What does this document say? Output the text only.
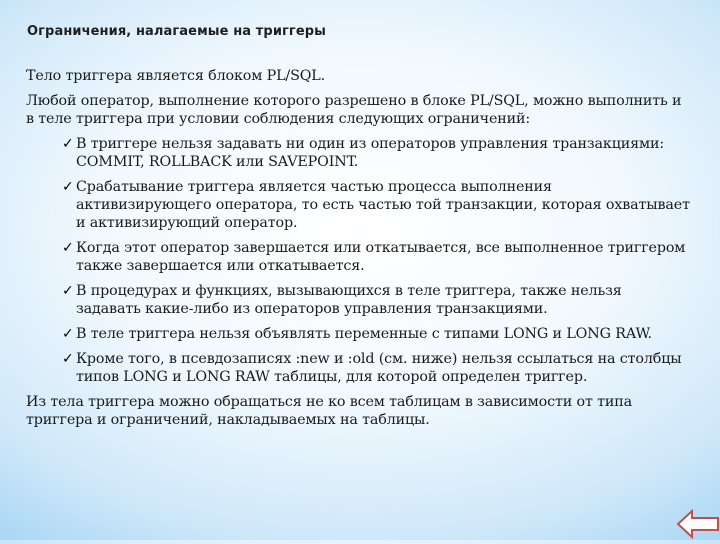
Ограничения, налагаемые на триггеры

Тело триггера является блоком PL/SQL.

Любой оператор, выполнение которого разрешено в блоке PL/SQL, можно выполнить и в теле триггера при условии соблюдения следующих ограничений:

✓ В триггере нельзя задавать ни один из операторов управления транзакциями: COMMIT, ROLLBACK или SAVEPOINT.
✓ Срабатывание триггера является частью процесса выполнения активизирующего оператора, то есть частью той транзакции, которая охватывает и активизирующий оператор.
✓ Когда этот оператор завершается или откатывается, все выполненное триггером также завершается или откатывается.
✓ В процедурах и функциях, вызывающихся в теле триггера, также нельзя задавать какие-либо из операторов управления транзакциями.
✓ В теле триггера нельзя объявлять переменные с типами LONG и LONG RAW.
✓ Кроме того, в псевдозаписях :new и :old (см. ниже) нельзя ссылаться на столбцы типов LONG и LONG RAW таблицы, для которой определен триггер.

Из тела триггера можно обращаться не ко всем таблицам в зависимости от типа триггера и ограничений, накладываемых на таблицы.
